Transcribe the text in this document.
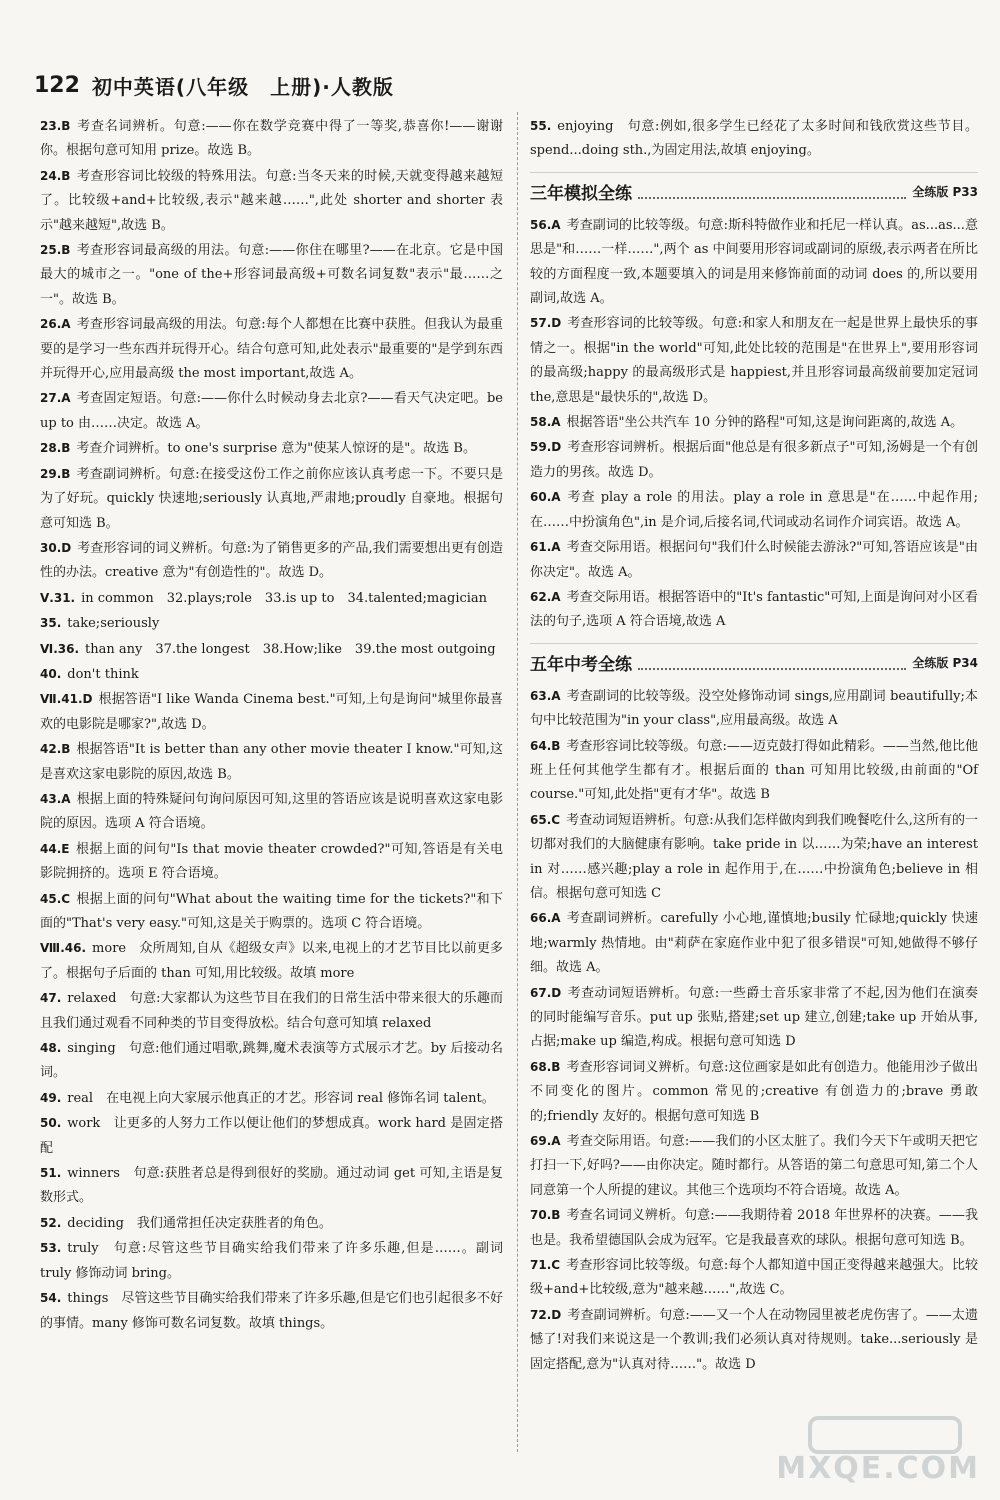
122 初中英语(八年级　上册)·人教版

23.B 考查名词辨析。句意:——你在数学竞赛中得了一等奖,恭喜你!——谢谢你。根据句意可知用 prize。故选 B。

24.B 考查形容词比较级的特殊用法。句意:当冬天来的时候,天就变得越来越短了。比较级+and+比较级,表示"越来越……",此处 shorter and shorter 表示"越来越短",故选 B。

25.B 考查形容词最高级的用法。句意:——你住在哪里?——在北京。它是中国最大的城市之一。"one of the+形容词最高级+可数名词复数"表示"最……之一"。故选 B。

26.A 考查形容词最高级的用法。句意:每个人都想在比赛中获胜。但我认为最重要的是学习一些东西并玩得开心。结合句意可知,此处表示"最重要的"是学到东西并玩得开心,应用最高级 the most important,故选 A。

27.A 考查固定短语。句意:——你什么时候动身去北京?——看天气决定吧。be up to 由……决定。故选 A。

28.B 考查介词辨析。to one's surprise 意为"使某人惊讶的是"。故选 B。

29.B 考查副词辨析。句意:在接受这份工作之前你应该认真考虑一下。不要只是为了好玩。quickly 快速地;seriously 认真地,严肃地;proudly 自豪地。根据句意可知选 B。

30.D 考查形容词的词义辨析。句意:为了销售更多的产品,我们需要想出更有创造性的办法。creative 意为"有创造性的"。故选 D。

Ⅴ.31. in common　32.plays;role　33.is up to　34.talented;magician

35. take;seriously

Ⅵ.36. than any　37.the longest　38.How;like　39.the most outgoing

40. don't think

Ⅶ.41.D 根据答语"I like Wanda Cinema best."可知,上句是询问"城里你最喜欢的电影院是哪家?",故选 D。

42.B 根据答语"It is better than any other movie theater I know."可知,这是喜欢这家电影院的原因,故选 B。

43.A 根据上面的特殊疑问句询问原因可知,这里的答语应该是说明喜欢这家电影院的原因。选项 A 符合语境。

44.E 根据上面的问句"Is that movie theater crowded?"可知,答语是有关电影院拥挤的。选项 E 符合语境。

45.C 根据上面的问句"What about the waiting time for the tickets?"和下面的"That's very easy."可知,这是关于购票的。选项 C 符合语境。

Ⅷ.46. more　众所周知,自从《超级女声》以来,电视上的才艺节目比以前更多了。根据句子后面的 than 可知,用比较级。故填 more

47. relaxed　句意:大家都认为这些节目在我们的日常生活中带来很大的乐趣而且我们通过观看不同种类的节目变得放松。结合句意可知填 relaxed

48. singing　句意:他们通过唱歌,跳舞,魔术表演等方式展示才艺。by 后接动名词。

49. real　在电视上向大家展示他真正的才艺。形容词 real 修饰名词 talent。

50. work　让更多的人努力工作以便让他们的梦想成真。work hard 是固定搭配

51. winners　句意:获胜者总是得到很好的奖励。通过动词 get 可知,主语是复数形式。

52. deciding　我们通常担任决定获胜者的角色。

53. truly　句意:尽管这些节目确实给我们带来了许多乐趣,但是……。副词 truly 修饰动词 bring。

54. things　尽管这些节目确实给我们带来了许多乐趣,但是它们也引起很多不好的事情。many 修饰可数名词复数。故填 things。

55. enjoying　句意:例如,很多学生已经花了太多时间和钱欣赏这些节目。spend...doing sth.,为固定用法,故填 enjoying。

三年模拟全练	全练版 P33

56.A 考查副词的比较等级。句意:斯科特做作业和托尼一样认真。as...as...意思是"和……一样……",两个 as 中间要用形容词或副词的原级,表示两者在所比较的方面程度一致,本题要填入的词是用来修饰前面的动词 does 的,所以要用副词,故选 A。

57.D 考查形容词的比较等级。句意:和家人和朋友在一起是世界上最快乐的事情之一。根据"in the world"可知,此处比较的范围是"在世界上",要用形容词的最高级;happy 的最高级形式是 happiest,并且形容词最高级前要加定冠词 the,意思是"最快乐的",故选 D。

58.A 根据答语"坐公共汽车 10 分钟的路程"可知,这是询问距离的,故选 A。

59.D 考查形容词辨析。根据后面"他总是有很多新点子"可知,汤姆是一个有创造力的男孩。故选 D。

60.A 考查 play a role 的用法。play a role in 意思是"在……中起作用;在……中扮演角色",in 是介词,后接名词,代词或动名词作介词宾语。故选 A。

61.A 考查交际用语。根据问句"我们什么时候能去游泳?"可知,答语应该是"由你决定"。故选 A。

62.A 考查交际用语。根据答语中的"It's fantastic"可知,上面是询问对小区看法的句子,选项 A 符合语境,故选 A

五年中考全练	全练版 P34

63.A 考查副词的比较等级。没空处修饰动词 sings,应用副词 beautifully;本句中比较范围为"in your class",应用最高级。故选 A

64.B 考查形容词比较等级。句意:——迈克鼓打得如此精彩。——当然,他比他班上任何其他学生都有才。根据后面的 than 可知用比较级,由前面的"Of course."可知,此处指"更有才华"。故选 B

65.C 考查动词短语辨析。句意:从我们怎样做肉到我们晚餐吃什么,这所有的一切都对我们的大脑健康有影响。take pride in 以……为荣;have an interest in 对……感兴趣;play a role in 起作用于,在……中扮演角色;believe in 相信。根据句意可知选 C

66.A 考查副词辨析。carefully 小心地,谨慎地;busily 忙碌地;quickly 快速地;warmly 热情地。由"莉萨在家庭作业中犯了很多错误"可知,她做得不够仔细。故选 A。

67.D 考查动词短语辨析。句意:一些爵士音乐家非常了不起,因为他们在演奏的同时能编写音乐。put up 张贴,搭建;set up 建立,创建;take up 开始从事,占据;make up 编造,构成。根据句意可知选 D

68.B 考查形容词词义辨析。句意:这位画家是如此有创造力。他能用沙子做出不同变化的图片。common 常见的;creative 有创造力的;brave 勇敢的;friendly 友好的。根据句意可知选 B

69.A 考查交际用语。句意:——我们的小区太脏了。我们今天下午或明天把它打扫一下,好吗?——由你决定。随时都行。从答语的第二句意思可知,第二个人同意第一个人所提的建议。其他三个选项均不符合语境。故选 A。

70.B 考查名词词义辨析。句意:——我期待着 2018 年世界杯的决赛。——我也是。我希望德国队会成为冠军。它是我最喜欢的球队。根据句意可知选 B。

71.C 考查形容词比较等级。句意:每个人都知道中国正变得越来越强大。比较级+and+比较级,意为"越来越……",故选 C。

72.D 考查副词辨析。句意:——又一个人在动物园里被老虎伤害了。——太遗憾了!对我们来说这是一个教训;我们必须认真对待规则。take...seriously 是固定搭配,意为"认真对待……"。故选 D

MXQE.COM
